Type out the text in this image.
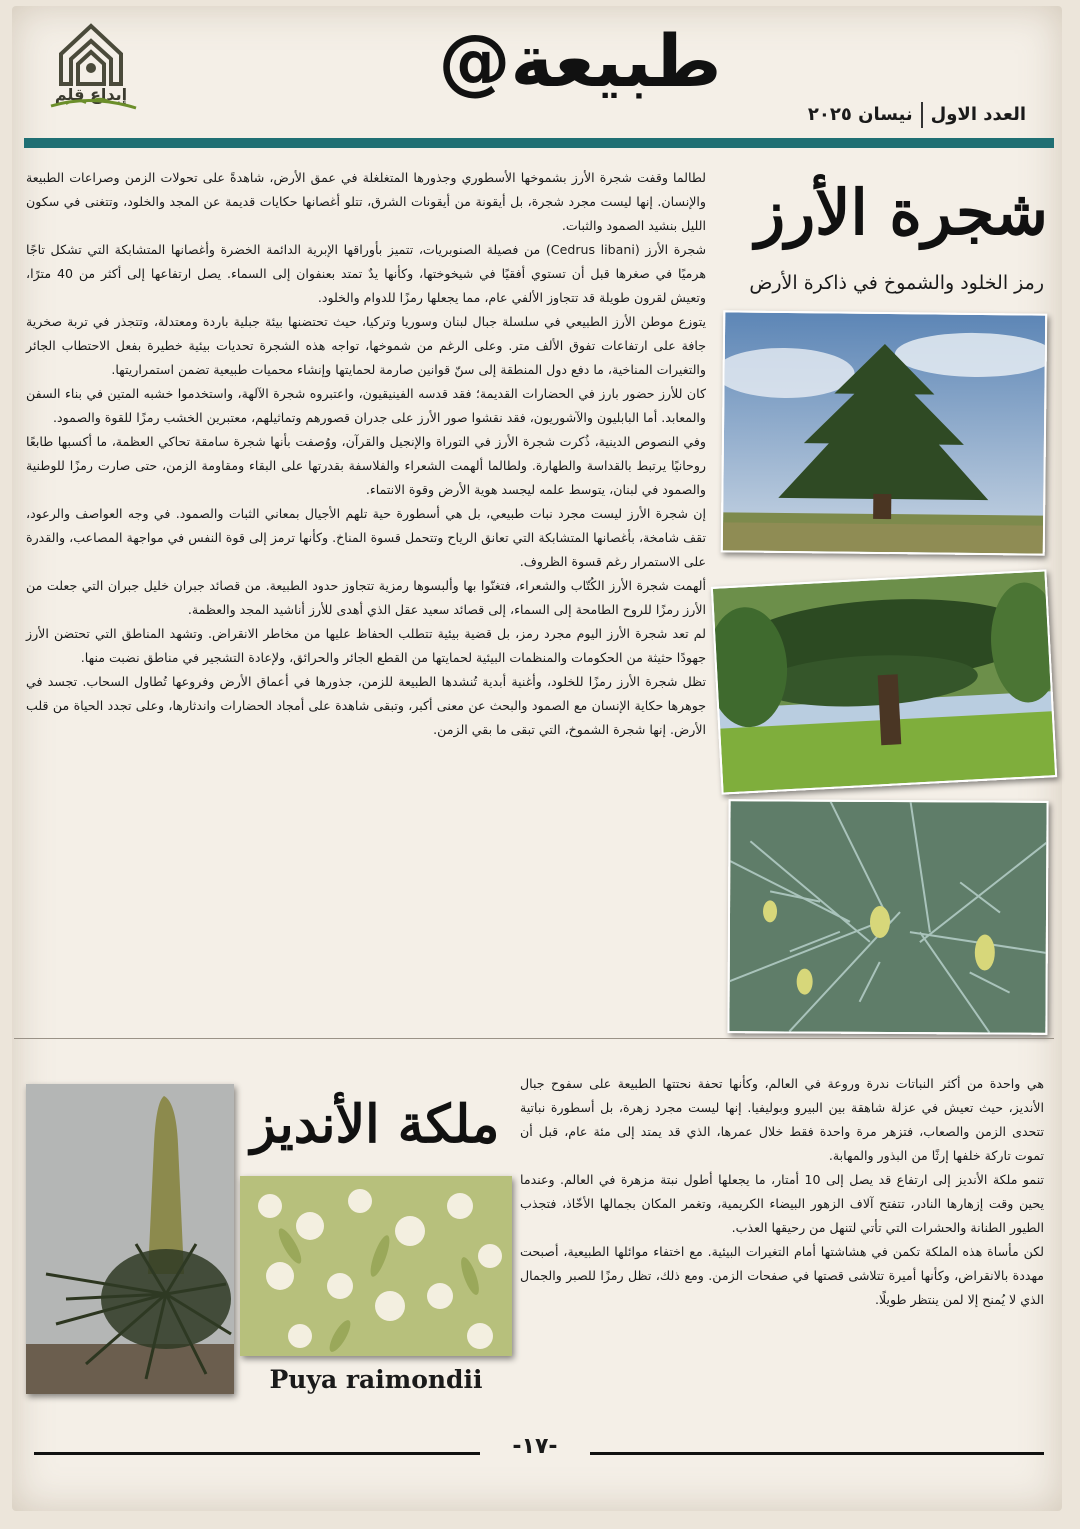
إبداع قلم	@طبيعة
العدد الاولنيسان ٢٠٢٥
شجرة الأرز
رمز الخلود والشموخ في ذاكرة الأرض

لطالما وقفت شجرة الأرز بشموخها الأسطوري وجذورها المتغلغلة في عمق الأرض، شاهدةً على تحولات الزمن وصراعات الطبيعة والإنسان. إنها ليست مجرد شجرة، بل أيقونة من أيقونات الشرق، تتلو أغصانها حكايات قديمة عن المجد والخلود، وتتغنى في سكون الليل بنشيد الصمود والثبات.

شجرة الأرز (Cedrus libani) من فصيلة الصنوبريات، تتميز بأوراقها الإبرية الدائمة الخضرة وأغصانها المتشابكة التي تشكل تاجًا هرميًا في صغرها قبل أن تستوي أفقيًا في شيخوختها، وكأنها يدٌ تمتد بعنفوان إلى السماء. يصل ارتفاعها إلى أكثر من 40 مترًا، وتعيش لقرون طويلة قد تتجاوز الألفي عام، مما يجعلها رمزًا للدوام والخلود.

يتوزع موطن الأرز الطبيعي في سلسلة جبال لبنان وسوريا وتركيا، حيث تحتضنها بيئة جبلية باردة ومعتدلة، وتتجذر في تربة صخرية جافة على ارتفاعات تفوق الألف متر. وعلى الرغم من شموخها، تواجه هذه الشجرة تحديات بيئية خطيرة بفعل الاحتطاب الجائر والتغيرات المناخية، ما دفع دول المنطقة إلى سنّ قوانين صارمة لحمايتها وإنشاء محميات طبيعية تضمن استمراريتها.

كان للأرز حضور بارز في الحضارات القديمة؛ فقد قدسه الفينيقيون، واعتبروه شجرة الآلهة، واستخدموا خشبه المتين في بناء السفن والمعابد. أما البابليون والآشوريون، فقد نقشوا صور الأرز على جدران قصورهم وتماثيلهم، معتبرين الخشب رمزًا للقوة والصمود.

وفي النصوص الدينية، ذُكرت شجرة الأرز في التوراة والإنجيل والقرآن، ووُصفت بأنها شجرة سامقة تحاكي العظمة، ما أكسبها طابعًا روحانيًا يرتبط بالقداسة والطهارة. ولطالما ألهمت الشعراء والفلاسفة بقدرتها على البقاء ومقاومة الزمن، حتى صارت رمزًا للوطنية والصمود في لبنان، يتوسط علمه ليجسد هوية الأرض وقوة الانتماء.

إن شجرة الأرز ليست مجرد نبات طبيعي، بل هي أسطورة حية تلهم الأجيال بمعاني الثبات والصمود. في وجه العواصف والرعود، تقف شامخة، بأغصانها المتشابكة التي تعانق الرياح وتتحمل قسوة المناخ. وكأنها ترمز إلى قوة النفس في مواجهة المصاعب، والقدرة على الاستمرار رغم قسوة الظروف.

ألهمت شجرة الأرز الكُتّاب والشعراء، فتغنّوا بها وألبسوها رمزية تتجاوز حدود الطبيعة. من قصائد جبران خليل جبران التي جعلت من الأرز رمزًا للروح الطامحة إلى السماء، إلى قصائد سعيد عقل الذي أهدى للأرز أناشيد المجد والعظمة.

لم تعد شجرة الأرز اليوم مجرد رمز، بل قضية بيئية تتطلب الحفاظ عليها من مخاطر الانقراض. وتشهد المناطق التي تحتضن الأرز جهودًا حثيثة من الحكومات والمنظمات البيئية لحمايتها من القطع الجائر والحرائق، ولإعادة التشجير في مناطق نضبت منها.

تظل شجرة الأرز رمزًا للخلود، وأغنية أبدية تُنشدها الطبيعة للزمن، جذورها في أعماق الأرض وفروعها تُطاول السحاب. تجسد في جوهرها حكاية الإنسان مع الصمود والبحث عن معنى أكبر، وتبقى شاهدة على أمجاد الحضارات واندثارها، وعلى تجدد الحياة من قلب الأرض. إنها شجرة الشموخ، التي تبقى ما بقي الزمن.

ملكة الأنديز

هي واحدة من أكثر النباتات ندرة وروعة في العالم، وكأنها تحفة نحتتها الطبيعة على سفوح جبال الأنديز، حيث تعيش في عزلة شاهقة بين البيرو وبوليفيا. إنها ليست مجرد زهرة، بل أسطورة نباتية تتحدى الزمن والصعاب، فتزهر مرة واحدة فقط خلال عمرها، الذي قد يمتد إلى مئة عام، قبل أن تموت تاركة خلفها إرثًا من البذور والمهابة.

تنمو ملكة الأنديز إلى ارتفاع قد يصل إلى 10 أمتار، ما يجعلها أطول نبتة مزهرة في العالم. وعندما يحين وقت إزهارها النادر، تتفتح آلاف الزهور البيضاء الكريمية، وتغمر المكان بجمالها الأخّاذ، فتجذب الطيور الطنانة والحشرات التي تأتي لتنهل من رحيقها العذب.

لكن مأساة هذه الملكة تكمن في هشاشتها أمام التغيرات البيئية. مع اختفاء موائلها الطبيعية، أصبحت مهددة بالانقراض، وكأنها أميرة تتلاشى قصتها في صفحات الزمن. ومع ذلك، تظل رمزًا للصبر والجمال الذي لا يُمنح إلا لمن ينتظر طويلًا.

Puya raimondii
-١٧-
